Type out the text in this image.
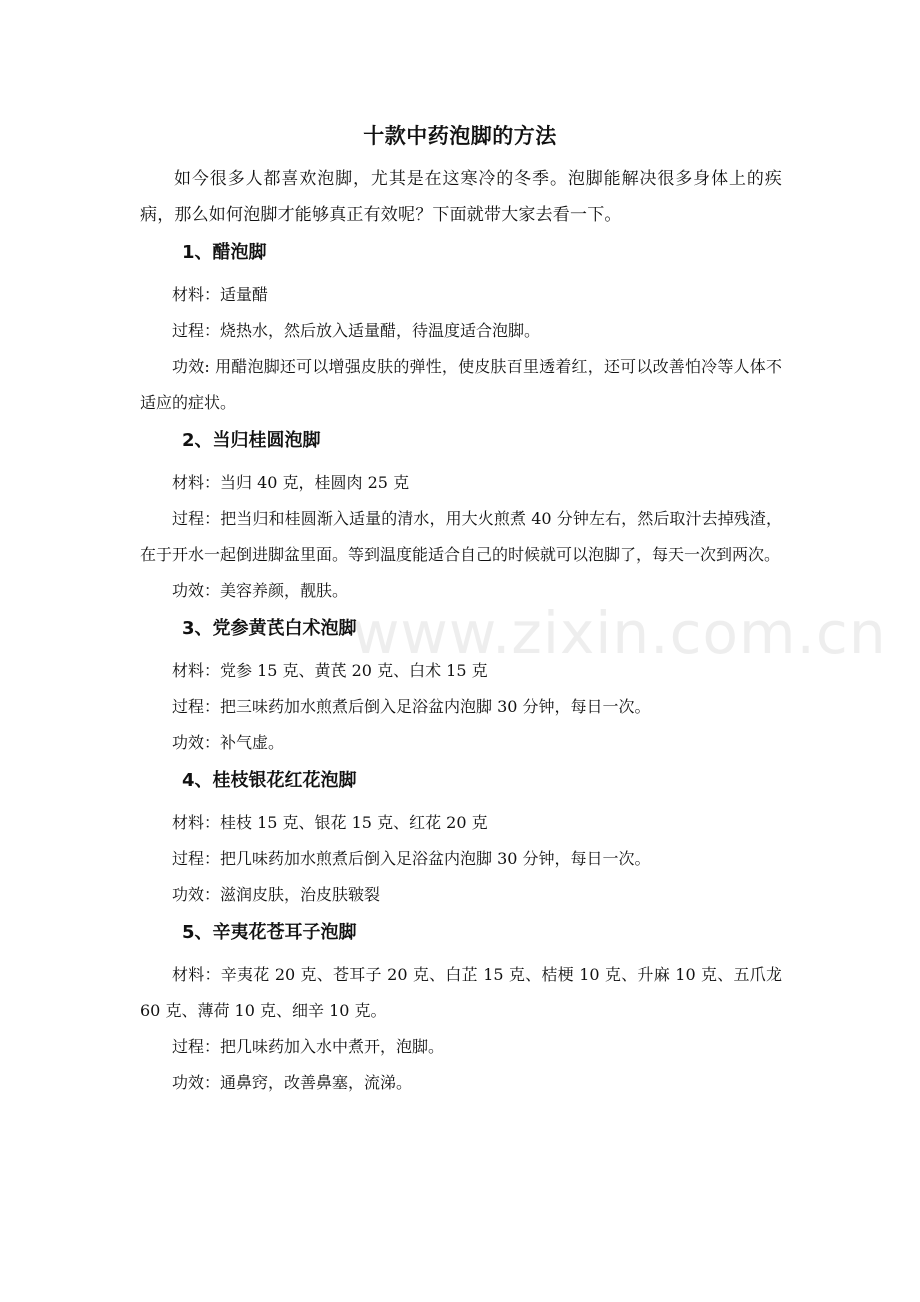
十款中药泡脚的方法

如今很多人都喜欢泡脚，尤其是在这寒冷的冬季。泡脚能解决很多身体上的疾病，那么如何泡脚才能够真正有效呢？下面就带大家去看一下。

1、醋泡脚

材料：适量醋

过程：烧热水，然后放入适量醋，待温度适合泡脚。

功效: 用醋泡脚还可以增强皮肤的弹性，使皮肤百里透着红，还可以改善怕冷等人体不适应的症状。

2、当归桂圆泡脚

材料：当归 40 克，桂圆肉 25 克

过程：把当归和桂圆渐入适量的清水，用大火煎煮 40 分钟左右，然后取汁去掉残渣，在于开水一起倒进脚盆里面。等到温度能适合自己的时候就可以泡脚了，每天一次到两次。

功效：美容养颜，靓肤。

3、党参黄芪白术泡脚

材料：党参 15 克、黄芪 20 克、白术 15 克

过程：把三味药加水煎煮后倒入足浴盆内泡脚 30 分钟，每日一次。

功效：补气虚。

4、桂枝银花红花泡脚

材料：桂枝 15 克、银花 15 克、红花 20 克

过程：把几味药加水煎煮后倒入足浴盆内泡脚 30 分钟，每日一次。

功效：滋润皮肤，治皮肤皲裂

5、辛夷花苍耳子泡脚

材料：辛夷花 20 克、苍耳子 20 克、白芷 15 克、桔梗 10 克、升麻 10 克、五爪龙 60 克、薄荷 10 克、细辛 10 克。

过程：把几味药加入水中煮开，泡脚。

功效：通鼻窍，改善鼻塞，流涕。

www.zixin.com.cn
